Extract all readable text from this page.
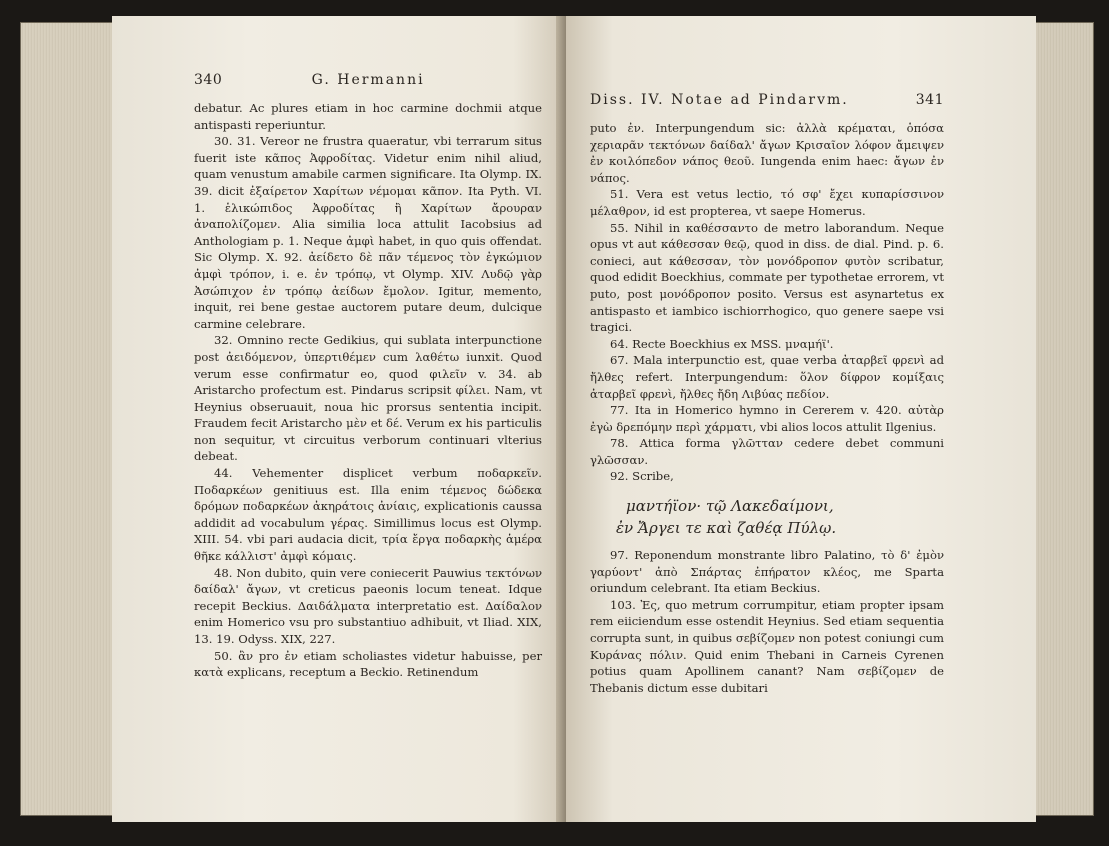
340	G. Hermanni

debatur. Ac plures etiam in hoc carmine dochmii atque antispasti reperiuntur.

30. 31. Vereor ne frustra quaeratur, vbi terrarum situs fuerit iste κᾶπος Ἀφροδίτας. Videtur enim nihil aliud, quam venustum amabile carmen significare. Ita Olymp. IX. 39. dicit ἐξαίρετον Χαρίτων νέμομαι κᾶπον. Ita Pyth. VI. 1. ἑλικώπιδος Ἀφροδίτας ἢ Χαρίτων ἄρουραν ἀναπολίζομεν. Alia similia loca attulit Iacobsius ad Anthologiam p. 1. Neque ἀμφὶ habet, in quo quis offendat. Sic Olymp. X. 92. ἀείδετο δὲ πᾶν τέμενος τὸν ἐγκώμιον ἀμφὶ τρόπον, i. e. ἐν τρόπῳ, vt Olymp. XIV. Λυδῷ γὰρ Ἀσώπιχον ἐν τρόπῳ ἀείδων ἔμολον. Igitur, memento, inquit, rei bene gestae auctorem putare deum, dulcique carmine celebrare.

32. Omnino recte Gedikius, qui sublata interpunctione post ἀειδόμενον, ὑπερτιθέμεν cum λαθέτω iunxit. Quod verum esse confirmatur eo, quod φιλεῖν v. 34. ab Aristarcho profectum est. Pindarus scripsit φίλει. Nam, vt Heynius obseruauit, noua hic prorsus sententia incipit. Fraudem fecit Aristarcho μὲν et δέ. Verum ex his particulis non sequitur, vt circuitus verborum continuari vlterius debeat.

44. Vehementer displicet verbum ποδαρκεῖν. Ποδαρκέων genitiuus est. Illa enim τέμενος δώδεκα δρόμων ποδαρκέων ἀκηράτοις ἀνίαις, explicationis caussa addidit ad vocabulum γέρας. Simillimus locus est Olymp. XIII. 54. vbi pari audacia dicit, τρία ἔργα ποδαρκὴς ἁμέρα θῆκε κάλλιστ' ἀμφὶ κόμαις.

48. Non dubito, quin vere coniecerit Pauwius τεκτόνων δαίδαλ' ἄγων, vt creticus paeonis locum teneat. Idque recepit Beckius. Δαιδάλματα interpretatio est. Δαίδαλον enim Homerico vsu pro substantiuo adhibuit, vt Iliad. XIX, 13. 19. Odyss. XIX, 227.

50. ἂν pro ἐν etiam scholiastes videtur habuisse, per κατὰ explicans, receptum a Beckio. Retinendum

Diss. IV. Notae ad Pindarvm.	341

puto ἐν. Interpungendum sic: ἀλλὰ κρέμαται, ὁπόσα χεριαρᾶν τεκτόνων δαίδαλ' ἄγων Κρισαῖον λόφον ἄμειψεν ἐν κοιλόπεδον νάπος θεοῦ. Iungenda enim haec: ἄγων ἐν νάπος.

51. Vera est vetus lectio, τό σφ' ἔχει κυπαρίσσινον μέλαθρον, id est propterea, vt saepe Homerus.

55. Nihil in καθέσσαντο de metro laborandum. Neque opus vt aut κάθεσσαν θεῷ, quod in diss. de dial. Pind. p. 6. conieci, aut κάθεσσαν, τὸν μονόδροπον φυτὸν scribatur, quod edidit Boeckhius, commate per typothetae errorem, vt puto, post μονόδροπον posito. Versus est asynartetus ex antispasto et iambico ischiorrhogico, quo genere saepe vsi tragici.

64. Recte Boeckhius ex MSS. μναμήϊ'.

67. Mala interpunctio est, quae verba ἀταρβεῖ φρενὶ ad ἤλθες refert. Interpungendum: ὅλον δίφρον κομίξαις ἀταρβεῖ φρενὶ, ἤλθες ἤδη Λιβύας πεδίον.

77. Ita in Homerico hymno in Cererem v. 420. αὐτὰρ ἐγὼ δρεπόμην περὶ χάρματι, vbi alios locos attulit Ilgenius.

78. Attica forma γλῶτταν cedere debet communi γλῶσσαν.

92. Scribe,

μαντήϊον· τῷ Λακεδαίμονι,
ἐν Ἄργει τε καὶ ζαθέᾳ Πύλῳ.

97. Reponendum monstrante libro Palatino, τὸ δ' ἐμὸν γαρύοντ' ἀπὸ Σπάρτας ἐπήρατον κλέος, me Sparta oriundum celebrant. Ita etiam Beckius.

103. Ἐς, quo metrum corrumpitur, etiam propter ipsam rem eiiciendum esse ostendit Heynius. Sed etiam sequentia corrupta sunt, in quibus σεβίζομεν non potest coniungi cum Κυράνας πόλιν. Quid enim Thebani in Carneis Cyrenen potius quam Apollinem canant? Nam σεβίζομεν de Thebanis dictum esse dubitari
